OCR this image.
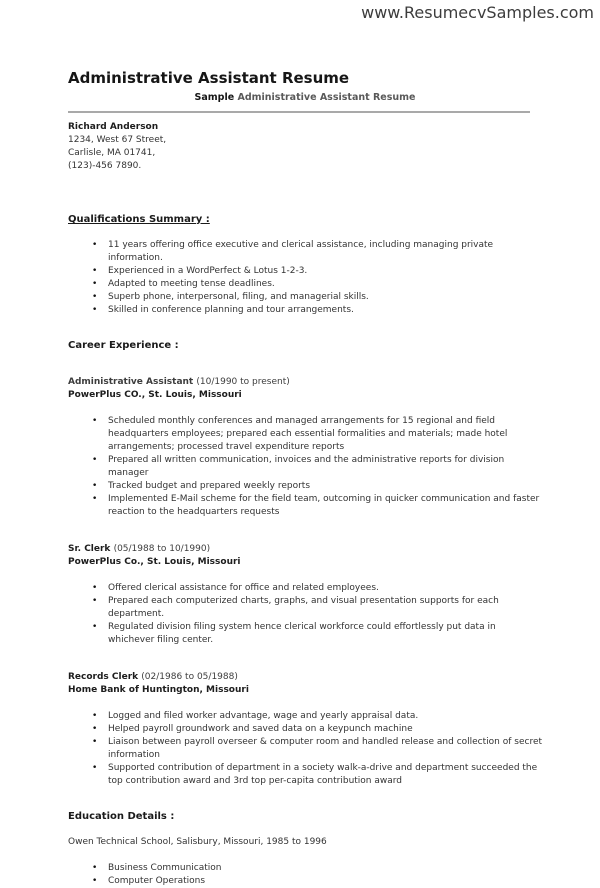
www.ResumecvSamples.com
Administrative Assistant Resume
Sample Administrative Assistant Resume
Richard Anderson
1234, West 67 Street,
Carlisle, MA 01741,
(123)-456 7890.
Qualifications Summary :
• 11 years offering office executive and clerical assistance, including managing private information.
• Experienced in a WordPerfect & Lotus 1-2-3.
• Adapted to meeting tense deadlines.
• Superb phone, interpersonal, filing, and managerial skills.
• Skilled in conference planning and tour arrangements.
Career Experience :
Administrative Assistant (10/1990 to present)
PowerPlus CO., St. Louis, Missouri
• Scheduled monthly conferences and managed arrangements for 15 regional and field headquarters employees; prepared each essential formalities and materials; made hotel arrangements; processed travel expenditure reports
• Prepared all written communication, invoices and the administrative reports for division manager
• Tracked budget and prepared weekly reports
• Implemented E-Mail scheme for the field team, outcoming in quicker communication and faster reaction to the headquarters requests
Sr. Clerk (05/1988 to 10/1990)
PowerPlus Co., St. Louis, Missouri
• Offered clerical assistance for office and related employees.
• Prepared each computerized charts, graphs, and visual presentation supports for each department.
• Regulated division filing system hence clerical workforce could effortlessly put data in whichever filing center.
Records Clerk (02/1986 to 05/1988)
Home Bank of Huntington, Missouri
• Logged and filed worker advantage, wage and yearly appraisal data.
• Helped payroll groundwork and saved data on a keypunch machine
• Liaison between payroll overseer & computer room and handled release and collection of secret information
• Supported contribution of department in a society walk-a-drive and department succeeded the top contribution award and 3rd top per-capita contribution award
Education Details :
Owen Technical School, Salisbury, Missouri, 1985 to 1996
• Business Communication
• Computer Operations
